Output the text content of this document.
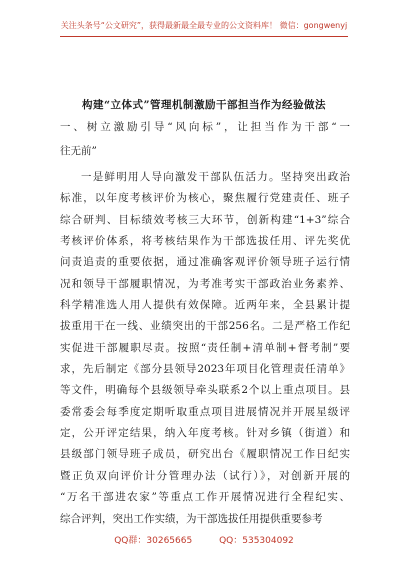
关注头条号“公文研究”，获得最新最全最专业的公文资料库！ 微信：gongwenyj
构建“立体式”管理机制激励干部担当作为经验做法
一、树立激励引导“风向标”，让担当作为干部“一
往无前”
一是鲜明用人导向激发干部队伍活力。坚持突出政治
标准，以年度考核评价为核心，聚焦履行党建责任、班子
综合研判、目标绩效考核三大环节，创新构建“1+3”综合
考核评价体系，将考核结果作为干部选拔任用、评先奖优
问责追责的重要依据，通过准确客观评价领导班子运行情
况和领导干部履职情况，为考准考实干部政治业务素养、
科学精准选人用人提供有效保障。近两年来，全县累计提
拔重用干在一线、业绩突出的干部256名。二是严格工作纪
实促进干部履职尽责。按照“责任制+清单制+督考制”要
求，先后制定《部分县领导2023年项目化管理责任清单》
等文件，明确每个县级领导牵头联系2个以上重点项目。县
委常委会每季度定期听取重点项目进展情况并开展星级评
定，公开评定结果，纳入年度考核。针对乡镇（街道）和
县级部门领导班子成员，研究出台《履职情况工作日纪实
暨正负双向评价计分管理办法（试行）》，对创新开展的
“万名干部进农家”等重点工作开展情况进行全程纪实、
综合评判，突出工作实绩，为干部选拔任用提供重要参考
QQ群：30265665	QQ：535304092
